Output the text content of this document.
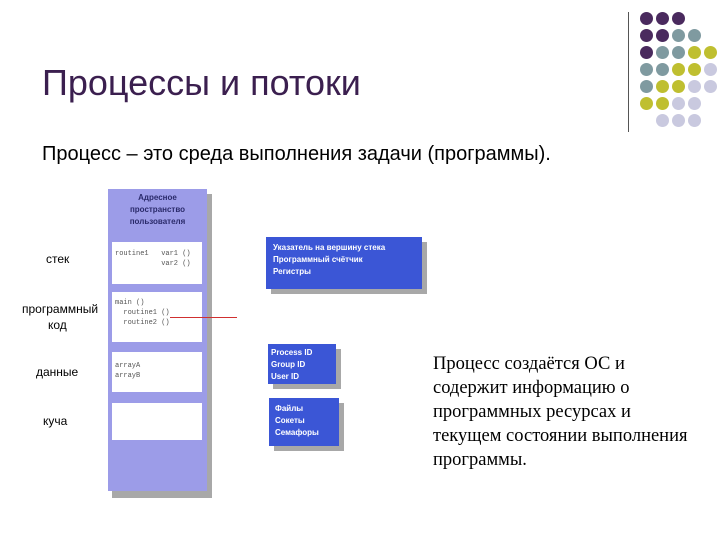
Процессы и потоки
Процесс – это среда выполнения задачи (программы).
Адресное
пространство
пользователя
routine1   var1 ()
var2 ()
main ()
routine1 ()
routine2 ()
arrayA
arrayB
стек
программный
код
данные
куча
Указатель на вершину стека
Программный счётчик
Регистры
Process ID
Group ID
User ID
Файлы
Сокеты
Семафоры
Процесс создаётся ОС и содержит информацию о программных ресурсах и текущем состоянии выполнения программы.
